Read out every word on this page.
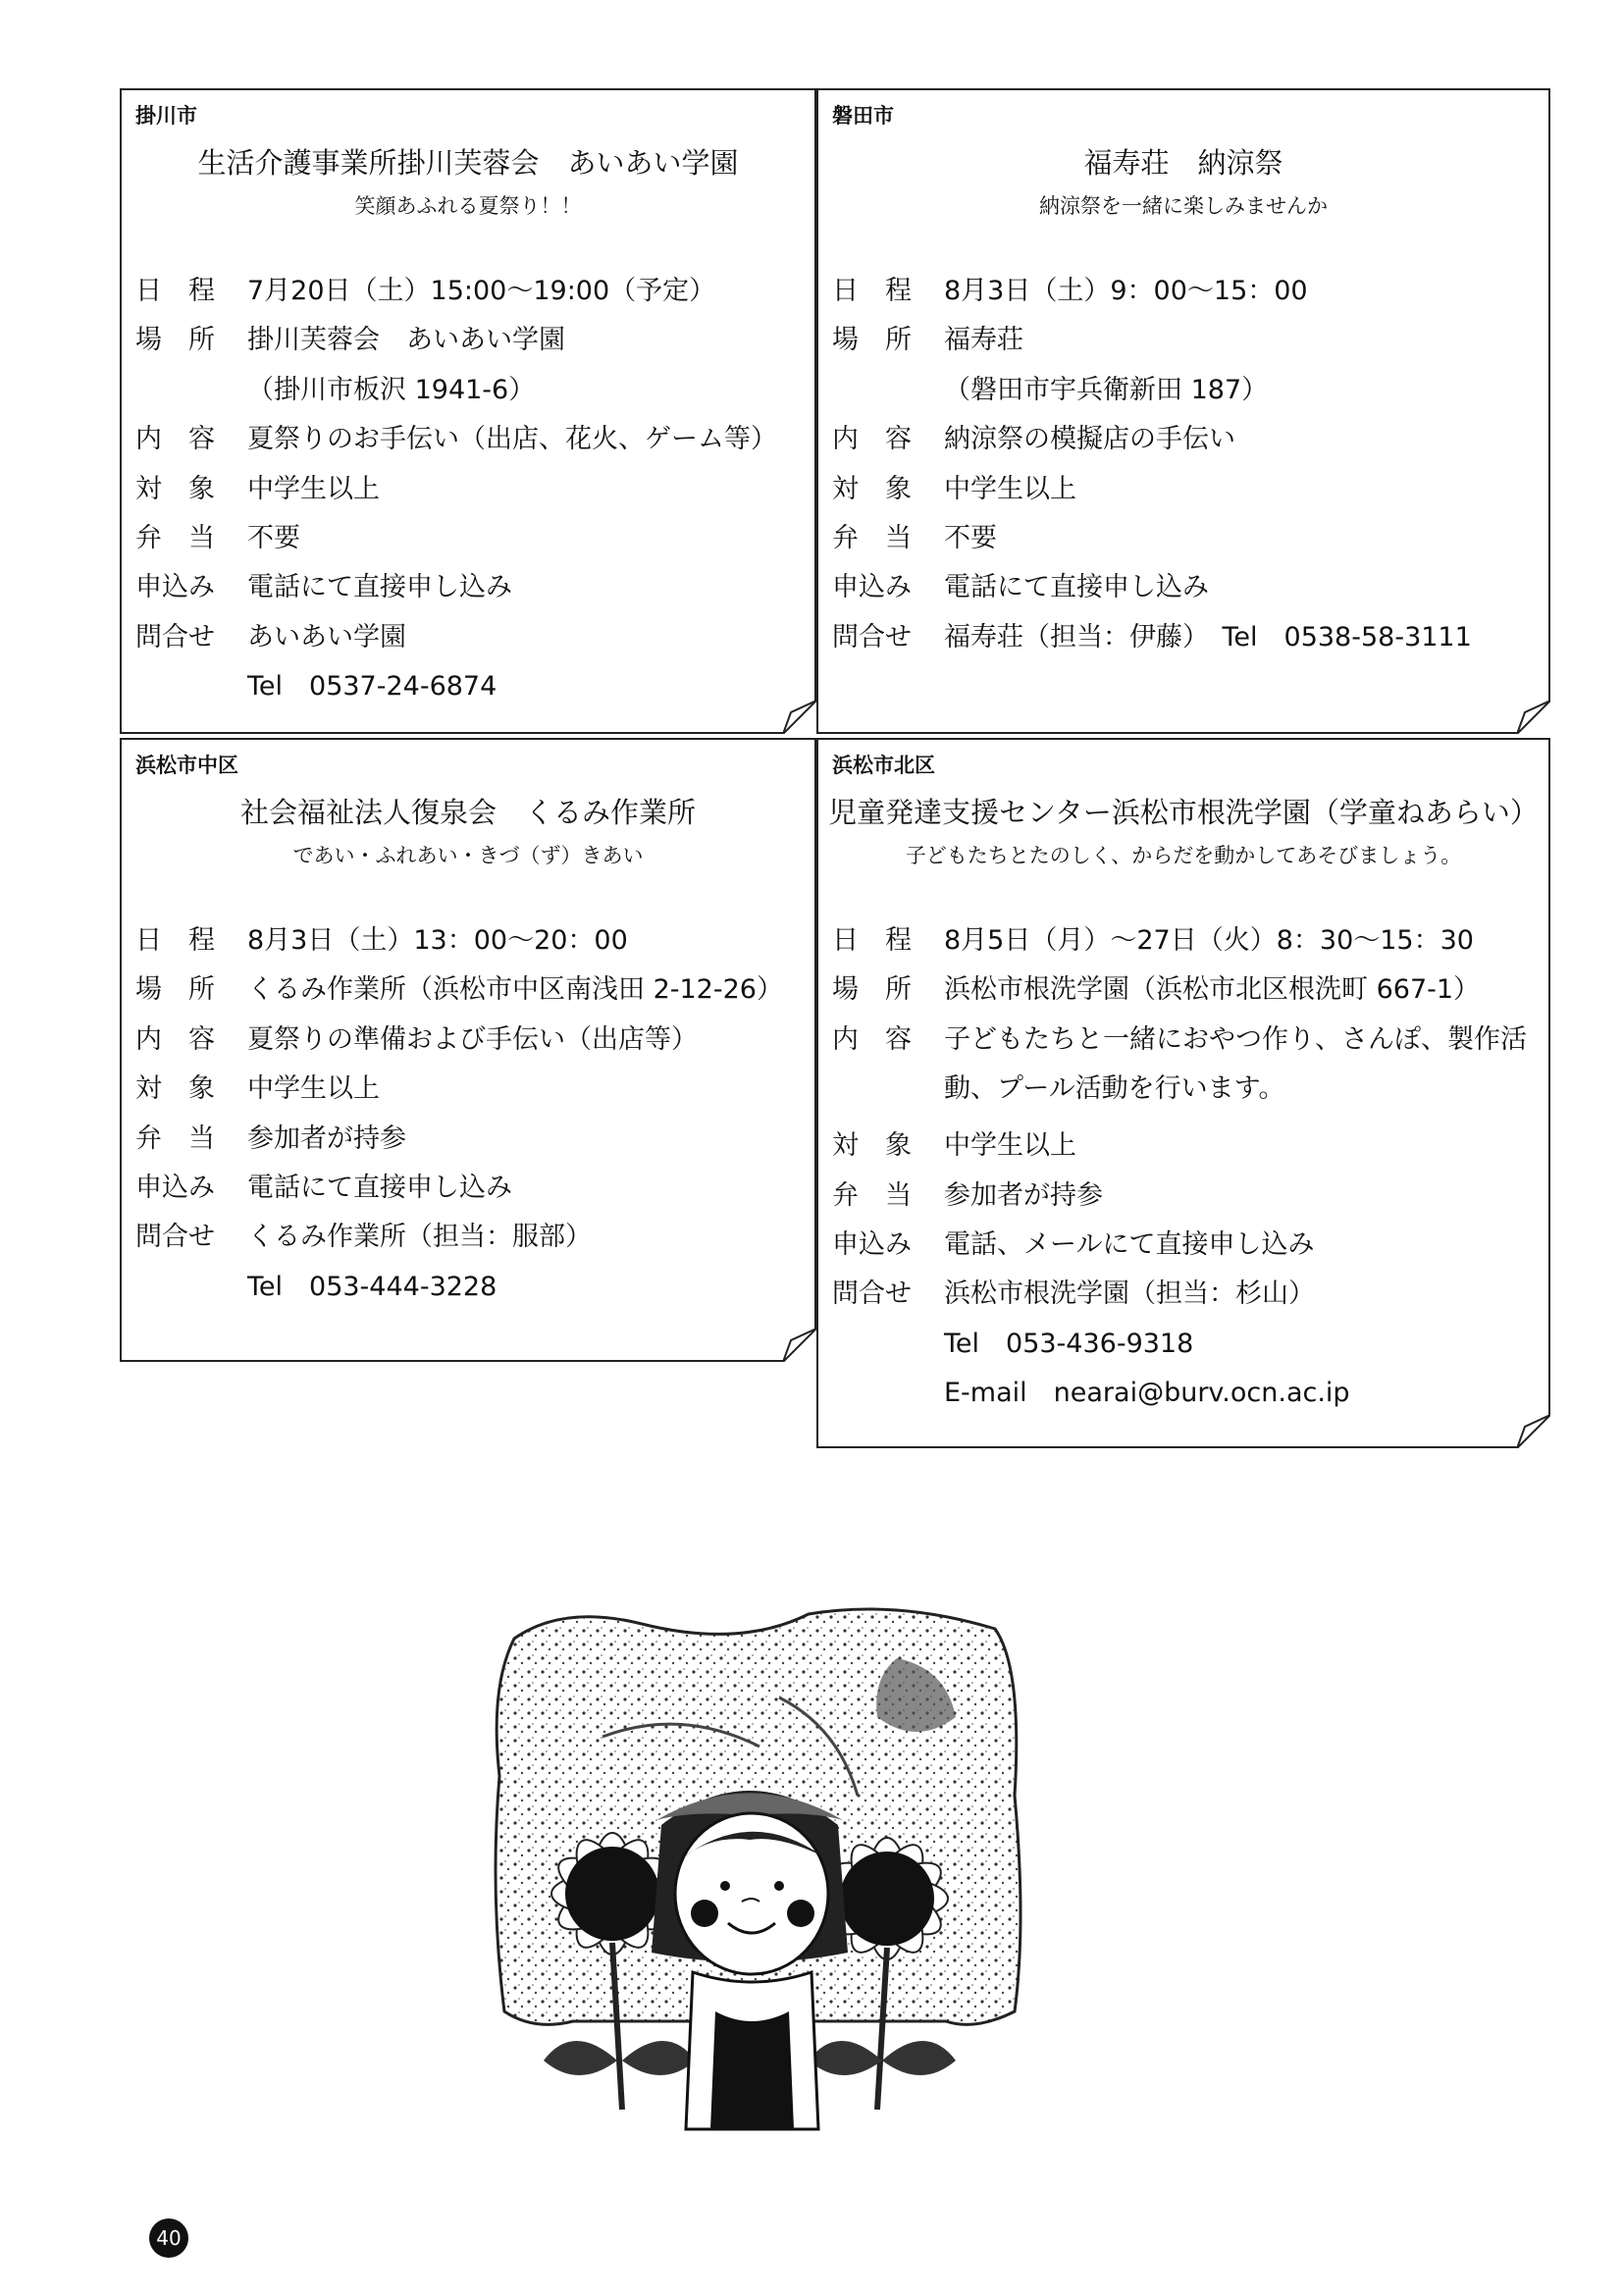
掛川市
生活介護事業所掛川芙蓉会　あいあい学園
笑顔あふれる夏祭り！！
日　程	7月20日（土）15:00～19:00（予定）
場　所	掛川芙蓉会　あいあい学園
（掛川市板沢 1941-6）
内　容	夏祭りのお手伝い（出店、花火、ゲーム等）
対　象	中学生以上
弁　当	不要
申込み	電話にて直接申し込み
問合せ	あいあい学園
Tel　0537-24-6874
磐田市
福寿荘　納涼祭
納涼祭を一緒に楽しみませんか
日　程	8月3日（土）9：00～15：00
場　所	福寿荘
（磐田市宇兵衛新田 187）
内　容	納涼祭の模擬店の手伝い
対　象	中学生以上
弁　当	不要
申込み	電話にて直接申し込み
問合せ	福寿荘（担当：伊藤）　Tel　0538-58-3111
浜松市中区
社会福祉法人復泉会　くるみ作業所
であい・ふれあい・きづ（ず）きあい
日　程	8月3日（土）13：00～20：00
場　所	くるみ作業所（浜松市中区南浅田 2-12-26）
内　容	夏祭りの準備および手伝い（出店等）
対　象	中学生以上
弁　当	参加者が持参
申込み	電話にて直接申し込み
問合せ	くるみ作業所（担当：服部）
Tel　053-444-3228
浜松市北区
児童発達支援センター浜松市根洗学園（学童ねあらい）
子どもたちとたのしく、からだを動かしてあそびましょう。
日　程	8月5日（月）～27日（火）8：30～15：30
場　所	浜松市根洗学園（浜松市北区根洗町 667-1）
内　容	子どもたちと一緒におやつ作り、さんぽ、製作活動、プール活動を行います。
対　象	中学生以上
弁　当	参加者が持参
申込み	電話、メールにて直接申し込み
問合せ	浜松市根洗学園（担当：杉山）
Tel　053-436-9318
E-mail　nearai@burv.ocn.ac.ip
40
